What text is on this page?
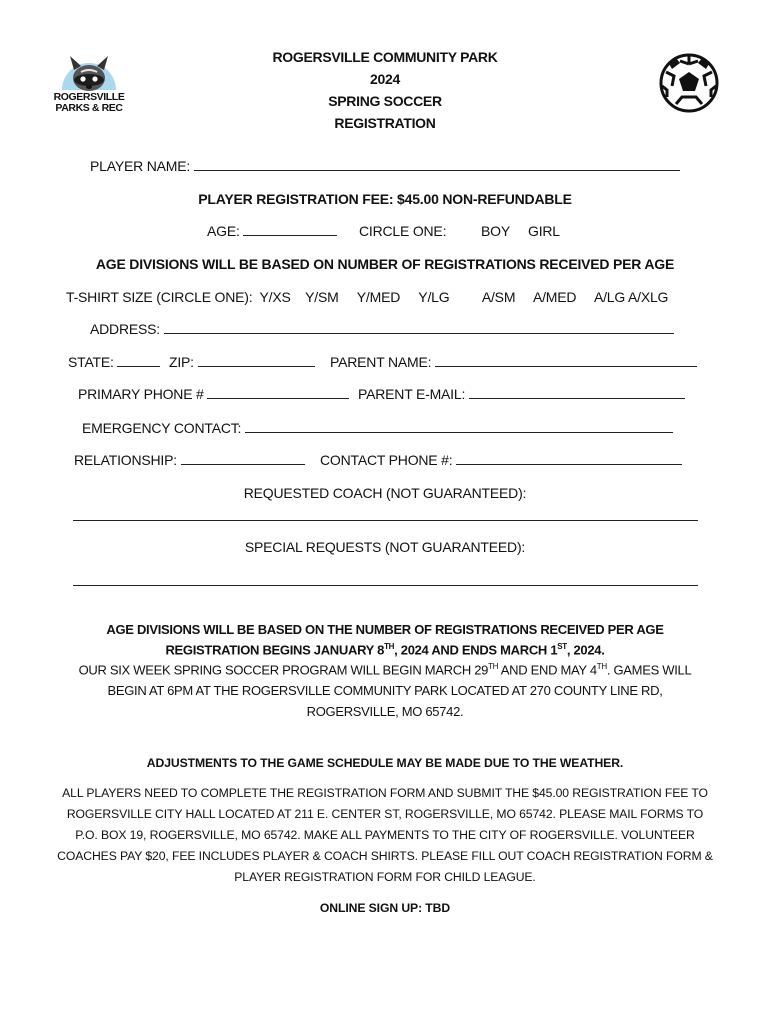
ROGERSVILLE
PARKS & REC
ROGERSVILLE COMMUNITY PARK
2024
SPRING SOCCER
REGISTRATION
PLAYER NAME:
PLAYER REGISTRATION FEE: $45.00 NON-REFUNDABLE
AGE:	CIRCLE ONE: BOY GIRL
AGE DIVISIONS WILL BE BASED ON NUMBER OF REGISTRATIONS RECEIVED PER AGE
T-SHIRT SIZE (CIRCLE ONE):  Y/XS    Y/SM     Y/MED     Y/LG         A/SM     A/MED     A/LG A/XLG
ADDRESS:
STATE:	ZIP:	PARENT NAME:
PRIMARY PHONE #	PARENT E-MAIL:
EMERGENCY CONTACT:
RELATIONSHIP:	CONTACT PHONE #:
REQUESTED COACH (NOT GUARANTEED):
SPECIAL REQUESTS (NOT GUARANTEED):
AGE DIVISIONS WILL BE BASED ON THE NUMBER OF REGISTRATIONS RECEIVED PER AGE
REGISTRATION BEGINS JANUARY 8TH, 2024 AND ENDS MARCH 1ST, 2024.
OUR SIX WEEK SPRING SOCCER PROGRAM WILL BEGIN MARCH 29TH AND END MAY 4TH. GAMES WILL
BEGIN AT 6PM AT THE ROGERSVILLE COMMUNITY PARK LOCATED AT 270 COUNTY LINE RD,
ROGERSVILLE, MO 65742.
ADJUSTMENTS TO THE GAME SCHEDULE MAY BE MADE DUE TO THE WEATHER.
ALL PLAYERS NEED TO COMPLETE THE REGISTRATION FORM AND SUBMIT THE $45.00 REGISTRATION FEE TO
ROGERSVILLE CITY HALL LOCATED AT 211 E. CENTER ST, ROGERSVILLE, MO 65742. PLEASE MAIL FORMS TO
P.O. BOX 19, ROGERSVILLE, MO 65742. MAKE ALL PAYMENTS TO THE CITY OF ROGERSVILLE. VOLUNTEER
COACHES PAY $20, FEE INCLUDES PLAYER & COACH SHIRTS. PLEASE FILL OUT COACH REGISTRATION FORM &
PLAYER REGISTRATION FORM FOR CHILD LEAGUE.
ONLINE SIGN UP: TBD
